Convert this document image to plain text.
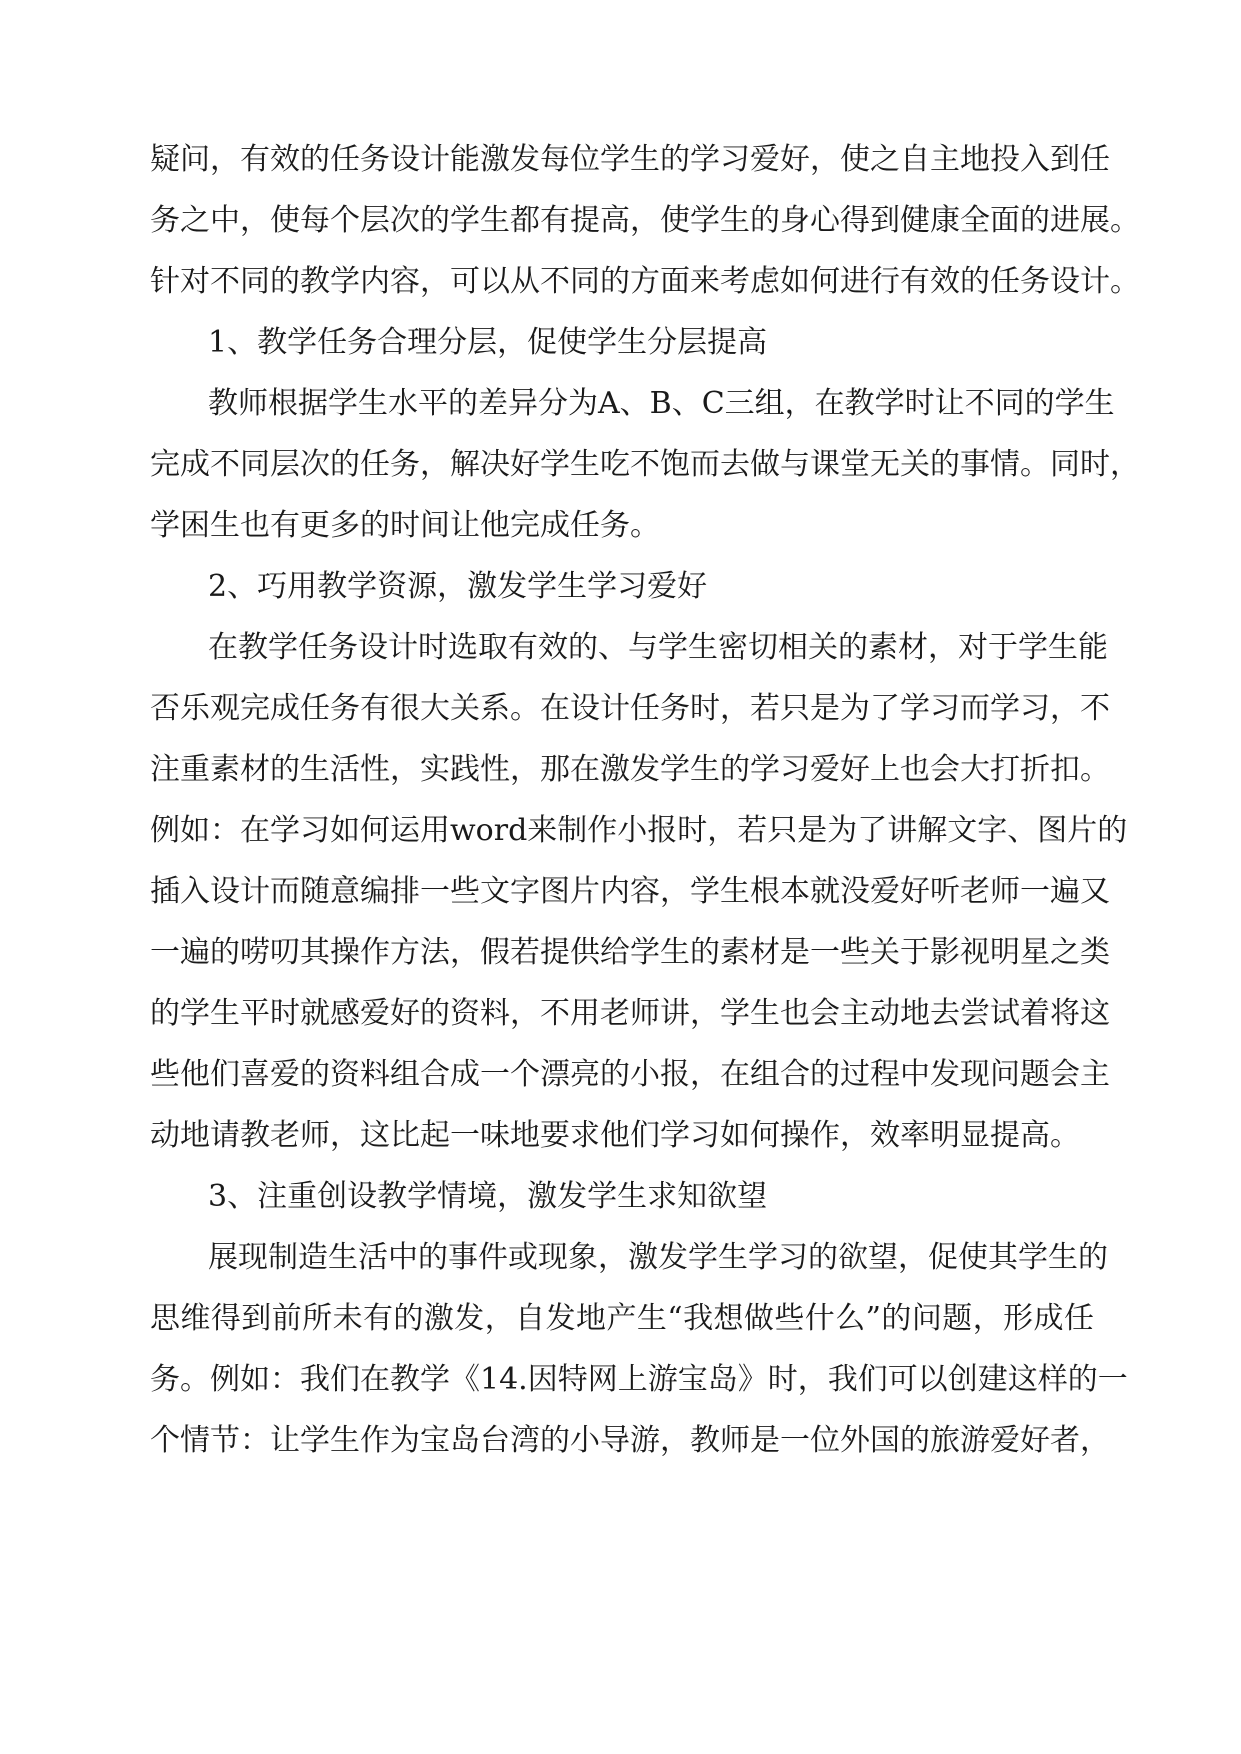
疑问，有效的任务设计能激发每位学生的学习爱好，使之自主地投入到任
务之中，使每个层次的学生都有提高，使学生的身心得到健康全面的进展。
针对不同的教学内容，可以从不同的方面来考虑如何进行有效的任务设计。
1、教学任务合理分层，促使学生分层提高
教师根据学生水平的差异分为A、B、C三组，在教学时让不同的学生
完成不同层次的任务，解决好学生吃不饱而去做与课堂无关的事情。同时，
学困生也有更多的时间让他完成任务。
2、巧用教学资源，激发学生学习爱好
在教学任务设计时选取有效的、与学生密切相关的素材，对于学生能
否乐观完成任务有很大关系。在设计任务时，若只是为了学习而学习，不
注重素材的生活性，实践性，那在激发学生的学习爱好上也会大打折扣。
例如：在学习如何运用word来制作小报时，若只是为了讲解文字、图片的
插入设计而随意编排一些文字图片内容，学生根本就没爱好听老师一遍又
一遍的唠叨其操作方法，假若提供给学生的素材是一些关于影视明星之类
的学生平时就感爱好的资料，不用老师讲，学生也会主动地去尝试着将这
些他们喜爱的资料组合成一个漂亮的小报，在组合的过程中发现问题会主
动地请教老师，这比起一味地要求他们学习如何操作，效率明显提高。
3、注重创设教学情境，激发学生求知欲望
展现制造生活中的事件或现象，激发学生学习的欲望，促使其学生的
思维得到前所未有的激发，自发地产生“我想做些什么”的问题，形成任
务。例如：我们在教学《14.因特网上游宝岛》时，我们可以创建这样的一
个情节：让学生作为宝岛台湾的小导游，教师是一位外国的旅游爱好者，
